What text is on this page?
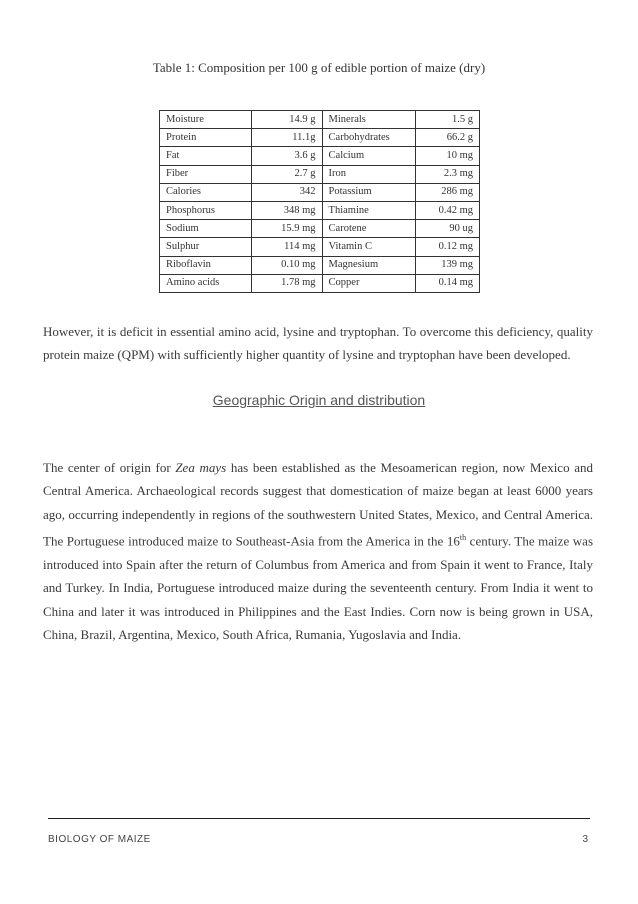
Table 1: Composition per 100 g of edible portion of maize (dry)
Moisture	14.9 g	Minerals	1.5 g
Protein	11.1g	Carbohydrates	66.2 g
Fat	3.6 g	Calcium	10 mg
Fiber	2.7 g	Iron	2.3 mg
Calories	342	Potassium	286 mg
Phosphorus	348 mg	Thiamine	0.42 mg
Sodium	15.9 mg	Carotene	90 ug
Sulphur	114 mg	Vitamin C	0.12 mg
Riboflavin	0.10 mg	Magnesium	139 mg
Amino acids	1.78 mg	Copper	0.14 mg
However, it is deficit in essential amino acid, lysine and tryptophan. To overcome this deficiency, quality protein maize (QPM) with sufficiently higher quantity of lysine and tryptophan have been developed.
Geographic Origin and distribution
The center of origin for Zea mays has been established as the Mesoamerican region, now Mexico and Central America. Archaeological records suggest that domestication of maize began at least 6000 years ago, occurring independently in regions of the southwestern United States, Mexico, and Central America. The Portuguese introduced maize to Southeast-Asia from the America in the 16th century. The maize was introduced into Spain after the return of Columbus from America and from Spain it went to France, Italy and Turkey. In India, Portuguese introduced maize during the seventeenth century. From India it went to China and later it was introduced in Philippines and the East Indies. Corn now is being grown in USA, China, Brazil, Argentina, Mexico, South Africa, Rumania, Yugoslavia and India.
BIOLOGY OF MAIZE	3
